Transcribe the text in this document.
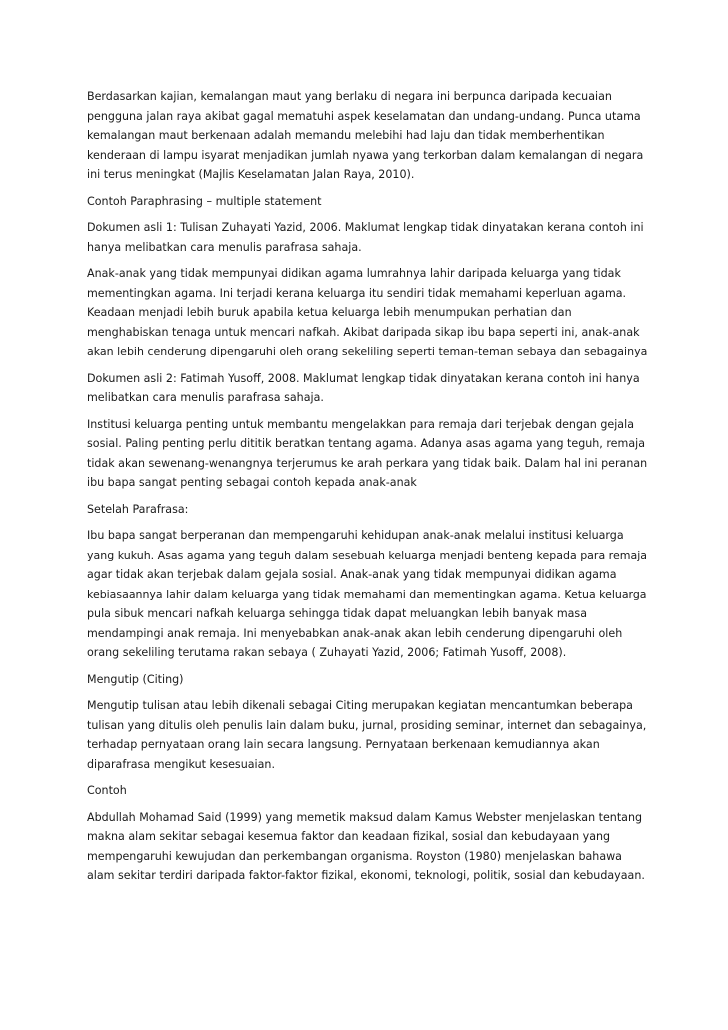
Berdasarkan kajian, kemalangan maut yang berlaku di negara ini berpunca daripada kecuaian
pengguna jalan raya akibat gagal mematuhi aspek keselamatan dan undang-undang. Punca utama
kemalangan maut berkenaan adalah memandu melebihi had laju dan tidak memberhentikan
kenderaan di lampu isyarat menjadikan jumlah nyawa yang terkorban dalam kemalangan di negara
ini terus meningkat (Majlis Keselamatan Jalan Raya, 2010).
Contoh Paraphrasing – multiple statement
Dokumen asli 1: Tulisan Zuhayati Yazid, 2006. Maklumat lengkap tidak dinyatakan kerana contoh ini
hanya melibatkan cara menulis parafrasa sahaja.
Anak-anak yang tidak mempunyai didikan agama lumrahnya lahir daripada keluarga yang tidak
mementingkan agama. Ini terjadi kerana keluarga itu sendiri tidak memahami keperluan agama.
Keadaan menjadi lebih buruk apabila ketua keluarga lebih menumpukan perhatian dan
menghabiskan tenaga untuk mencari nafkah. Akibat daripada sikap ibu bapa seperti ini, anak-anak
akan lebih cenderung dipengaruhi oleh orang sekeliling seperti teman-teman sebaya dan sebagainya
Dokumen asli 2: Fatimah Yusoff, 2008. Maklumat lengkap tidak dinyatakan kerana contoh ini hanya
melibatkan cara menulis parafrasa sahaja.
Institusi keluarga penting untuk membantu mengelakkan para remaja dari terjebak dengan gejala
sosial. Paling penting perlu dititik beratkan tentang agama. Adanya asas agama yang teguh, remaja
tidak akan sewenang-wenangnya terjerumus ke arah perkara yang tidak baik. Dalam hal ini peranan
ibu bapa sangat penting sebagai contoh kepada anak-anak
Setelah Parafrasa:
Ibu bapa sangat berperanan dan mempengaruhi kehidupan anak-anak melalui institusi keluarga
yang kukuh. Asas agama yang teguh dalam sesebuah keluarga menjadi benteng kepada para remaja
agar tidak akan terjebak dalam gejala sosial. Anak-anak yang tidak mempunyai didikan agama
kebiasaannya lahir dalam keluarga yang tidak memahami dan mementingkan agama. Ketua keluarga
pula sibuk mencari nafkah keluarga sehingga tidak dapat meluangkan lebih banyak masa
mendampingi anak remaja. Ini menyebabkan anak-anak akan lebih cenderung dipengaruhi oleh
orang sekeliling terutama rakan sebaya ( Zuhayati Yazid, 2006; Fatimah Yusoff, 2008).
Mengutip (Citing)
Mengutip tulisan atau lebih dikenali sebagai Citing merupakan kegiatan mencantumkan beberapa
tulisan yang ditulis oleh penulis lain dalam buku, jurnal, prosiding seminar, internet dan sebagainya,
terhadap pernyataan orang lain secara langsung. Pernyataan berkenaan kemudiannya akan
diparafrasa mengikut kesesuaian.
Contoh
Abdullah Mohamad Said (1999) yang memetik maksud dalam Kamus Webster menjelaskan tentang
makna alam sekitar sebagai kesemua faktor dan keadaan fizikal, sosial dan kebudayaan yang
mempengaruhi kewujudan dan perkembangan organisma. Royston (1980) menjelaskan bahawa
alam sekitar terdiri daripada faktor-faktor fizikal, ekonomi, teknologi, politik, sosial dan kebudayaan.
